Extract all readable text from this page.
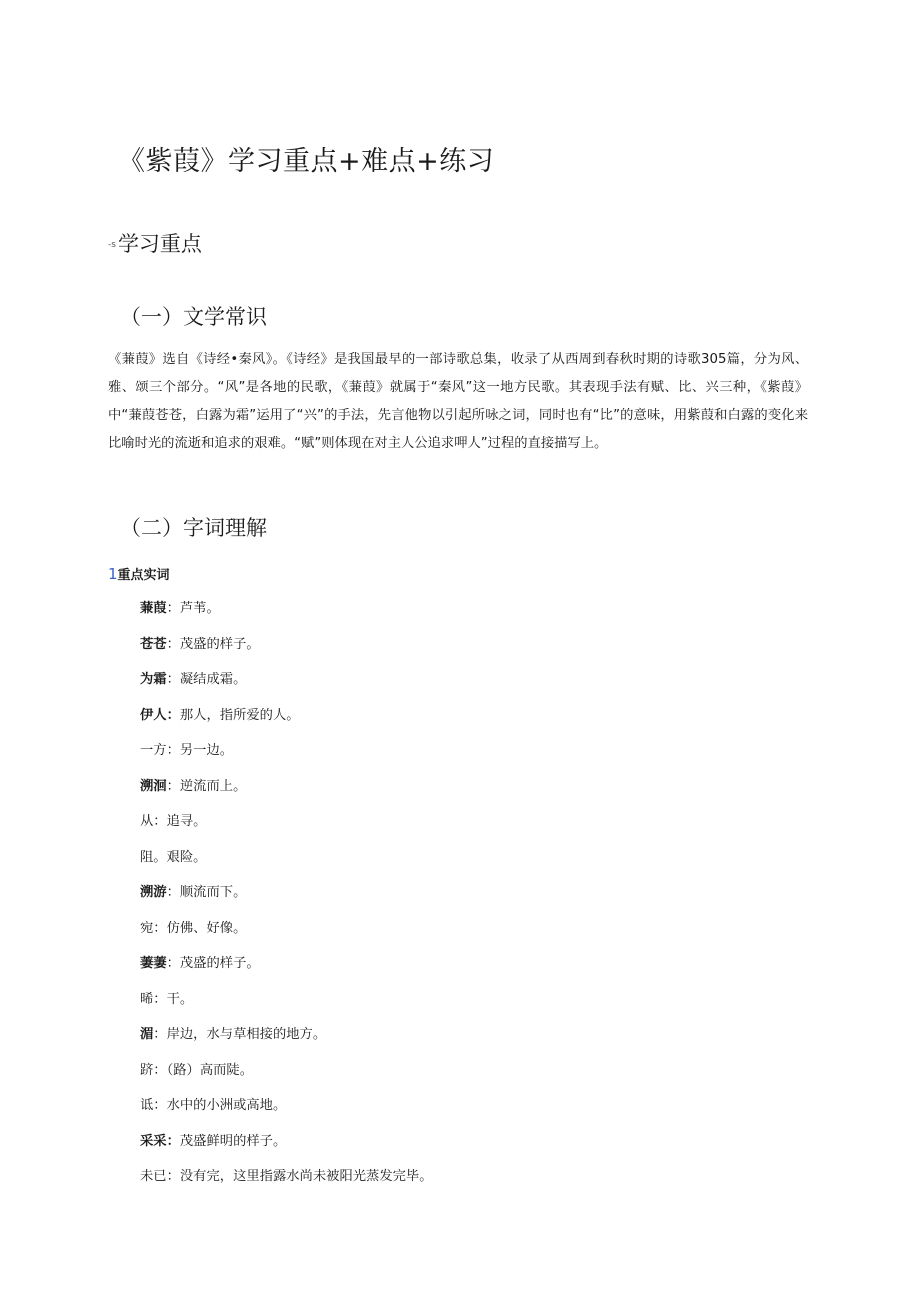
《紫葭》学习重点+难点+练习
-s学习重点
（一）文学常识
《蒹葭》选自《诗经•秦风》。《诗经》是我国最早的一部诗歌总集，收录了从西周到春秋时期的诗歌305篇，分为风、雅、颂三个部分。“风”是各地的民歌，《蒹葭》就属于“秦风”这一地方民歌。其表现手法有赋、比、兴三种，《紫葭》中“蒹葭苍苍，白露为霜”运用了“兴”的手法，先言他物以引起所咏之词，同时也有“比”的意味，用紫葭和白露的变化来比喻时光的流逝和追求的艰难。“赋”则体现在对主人公追求呷人”过程的直接描写上。
（二）字词理解
1重点实词
蒹葭：芦苇。
苍苍：茂盛的样子。
为霜：凝结成霜。
伊人：那人，指所爱的人。
一方：另一边。
溯洄：逆流而上。
从：追寻。
阻。艰险。
溯游：顺流而下。
宛：仿佛、好像。
萋萋：茂盛的样子。
晞：干。
湄：岸边，水与草相接的地方。
跻：（路）高而陡。
诋：水中的小洲或高地。
采采：茂盛鲜明的样子。
未已：没有完，这里指露水尚未被阳光蒸发完毕。
